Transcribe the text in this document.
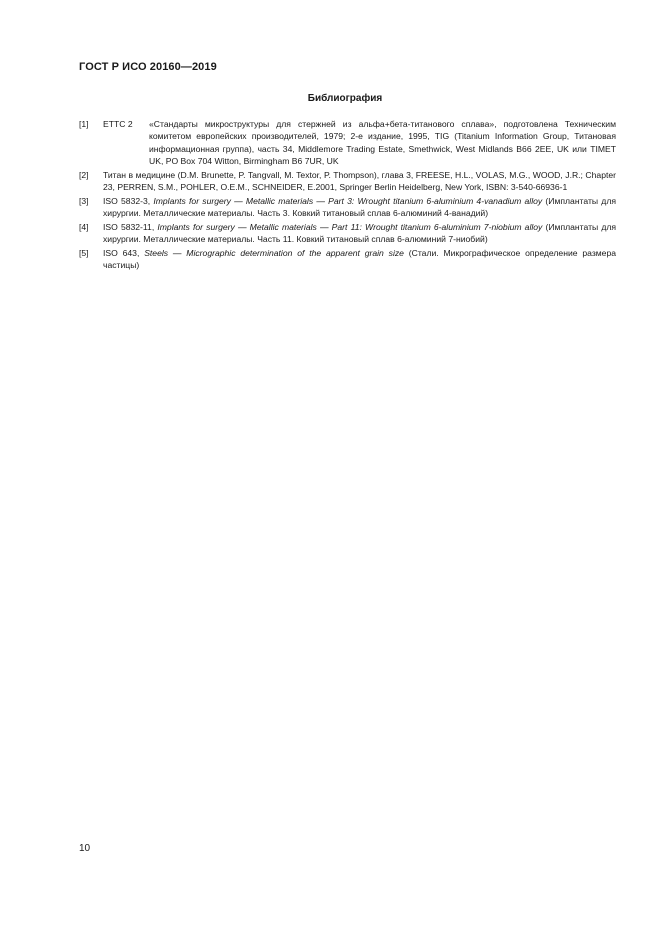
ГОСТ Р ИСО 20160—2019
Библиография
[1] ETTC 2 «Стандарты микроструктуры для стержней из альфа+бета-титанового сплава», подготовлена Техническим комитетом европейских производителей, 1979; 2-е издание, 1995, TIG (Titanium Information Group, Титановая информационная группа), часть 34, Middlemore Trading Estate, Smethwick, West Midlands B66 2EE, UK или TIMET UK, PO Box 704 Witton, Birmingham B6 7UR, UK
[2] Титан в медицине (D.M. Brunette, P. Tangvall, M. Textor, P. Thompson), глава 3, FREESE, H.L., VOLAS, M.G., WOOD, J.R.; Chapter 23, PERREN, S.M., POHLER, O.E.M., SCHNEIDER, E.2001, Springer Berlin Heidelberg, New York, ISBN: 3-540-66936-1
[3] ISO 5832-3, Implants for surgery — Metallic materials — Part 3: Wrought titanium 6-aluminium 4-vanadium alloy (Имплантаты для хирургии. Металлические материалы. Часть 3. Ковкий титановый сплав 6-алюминий 4-ванадий)
[4] ISO 5832-11, Implants for surgery — Metallic materials — Part 11: Wrought titanium 6-aluminium 7-niobium alloy (Имплантаты для хирургии. Металлические материалы. Часть 11. Ковкий титановый сплав 6-алюминий 7-ниобий)
[5] ISO 643, Steels — Micrographic determination of the apparent grain size (Стали. Микрографическое определение размера частицы)
10
